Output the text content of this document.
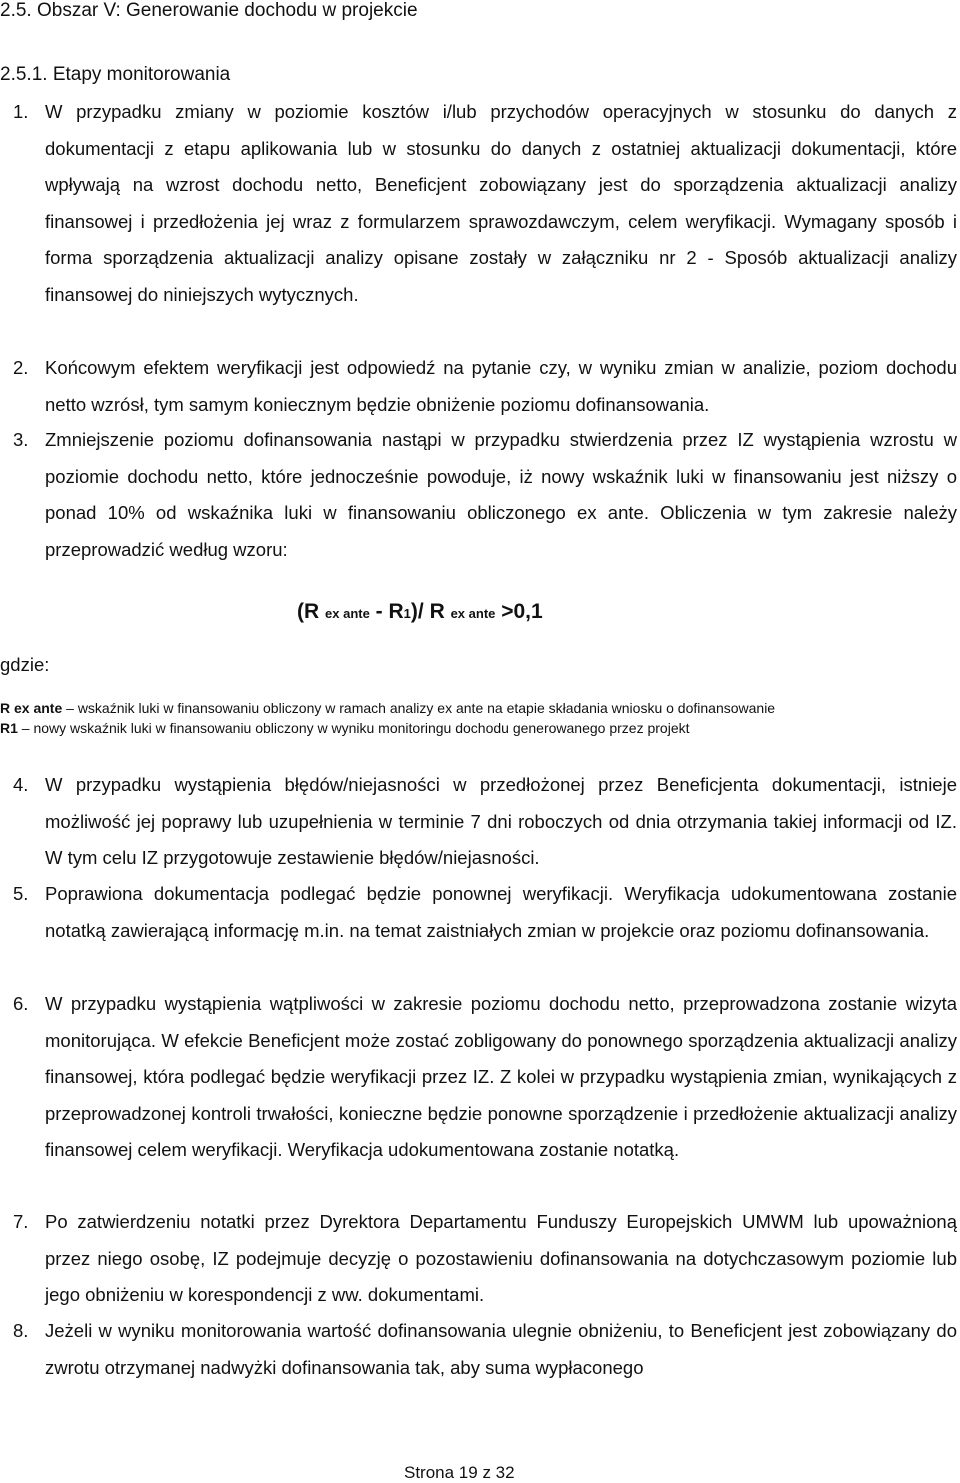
2.5. Obszar V: Generowanie dochodu w projekcie
2.5.1. Etapy monitorowania
1. W przypadku zmiany w poziomie kosztów i/lub przychodów operacyjnych w stosunku do danych z dokumentacji z etapu aplikowania lub w stosunku do danych z ostatniej aktualizacji dokumentacji, które wpływają na wzrost dochodu netto, Beneficjent zobowiązany jest do sporządzenia aktualizacji analizy finansowej i przedłożenia jej wraz z formularzem sprawozdawczym, celem weryfikacji. Wymagany sposób i forma sporządzenia aktualizacji analizy opisane zostały w załączniku nr 2 - Sposób aktualizacji analizy finansowej do niniejszych wytycznych.
2. Końcowym efektem weryfikacji jest odpowiedź na pytanie czy, w wyniku zmian w analizie, poziom dochodu netto wzrósł, tym samym koniecznym będzie obniżenie poziomu dofinansowania.
3. Zmniejszenie poziomu dofinansowania nastąpi w przypadku stwierdzenia przez IZ wystąpienia wzrostu w poziomie dochodu netto, które jednocześnie powoduje, iż nowy wskaźnik luki w finansowaniu jest niższy o ponad 10% od wskaźnika luki w finansowaniu obliczonego ex ante. Obliczenia w tym zakresie należy przeprowadzić według wzoru:
(R ex ante - R1)/ R ex ante >0,1
gdzie:
R ex ante – wskaźnik luki w finansowaniu obliczony w ramach analizy ex ante na etapie składania wniosku o dofinansowanie
R1 – nowy wskaźnik luki w finansowaniu obliczony w wyniku monitoringu dochodu generowanego przez projekt
4. W przypadku wystąpienia błędów/niejasności w przedłożonej przez Beneficjenta dokumentacji, istnieje możliwość jej poprawy lub uzupełnienia w terminie 7 dni roboczych od dnia otrzymania takiej informacji od IZ. W tym celu IZ przygotowuje zestawienie błędów/niejasności.
5. Poprawiona dokumentacja podlegać będzie ponownej weryfikacji. Weryfikacja udokumentowana zostanie notatką zawierającą informację m.in. na temat zaistniałych zmian w projekcie oraz poziomu dofinansowania.
6. W przypadku wystąpienia wątpliwości w zakresie poziomu dochodu netto, przeprowadzona zostanie wizyta monitorująca. W efekcie Beneficjent może zostać zobligowany do ponownego sporządzenia aktualizacji analizy finansowej, która podlegać będzie weryfikacji przez IZ. Z kolei w przypadku wystąpienia zmian, wynikających z przeprowadzonej kontroli trwałości, konieczne będzie ponowne sporządzenie i przedłożenie aktualizacji analizy finansowej celem weryfikacji. Weryfikacja udokumentowana zostanie notatką.
7. Po zatwierdzeniu notatki przez Dyrektora Departamentu Funduszy Europejskich UMWM lub upoważnioną przez niego osobę, IZ podejmuje decyzję o pozostawieniu dofinansowania na dotychczasowym poziomie lub jego obniżeniu w korespondencji z ww. dokumentami.
8. Jeżeli w wyniku monitorowania wartość dofinansowania ulegnie obniżeniu, to Beneficjent jest zobowiązany do zwrotu otrzymanej nadwyżki dofinansowania tak, aby suma wypłaconego
Strona 19 z 32
